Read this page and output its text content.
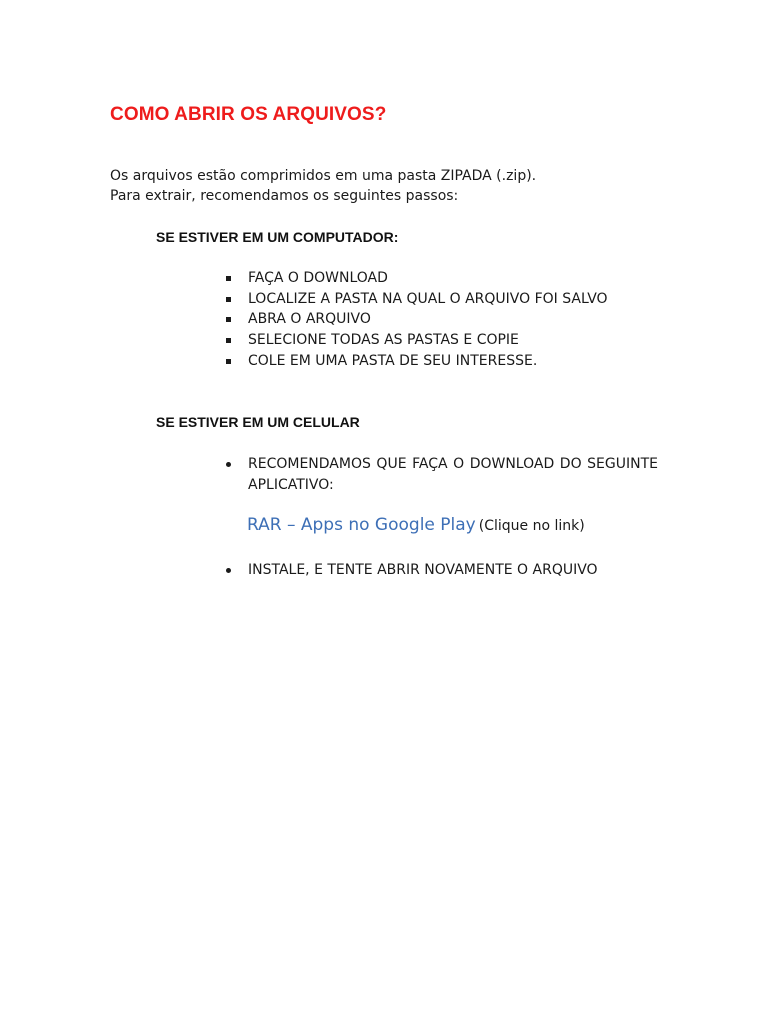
COMO ABRIR OS ARQUIVOS?

Os arquivos estão comprimidos em uma pasta ZIPADA (.zip).
Para extrair, recomendamos os seguintes passos:

SE ESTIVER EM UM COMPUTADOR:
FAÇA O DOWNLOAD
LOCALIZE A PASTA NA QUAL O ARQUIVO FOI SALVO
ABRA O ARQUIVO
SELECIONE TODAS AS PASTAS E COPIE
COLE EM UMA PASTA DE SEU INTERESSE.
SE ESTIVER EM UM CELULAR
RECOMENDAMOS QUE FAÇA O DOWNLOAD DO SEGUINTE APLICATIVO:
RAR – Apps no Google Play (Clique no link)
INSTALE, E TENTE ABRIR NOVAMENTE O ARQUIVO
